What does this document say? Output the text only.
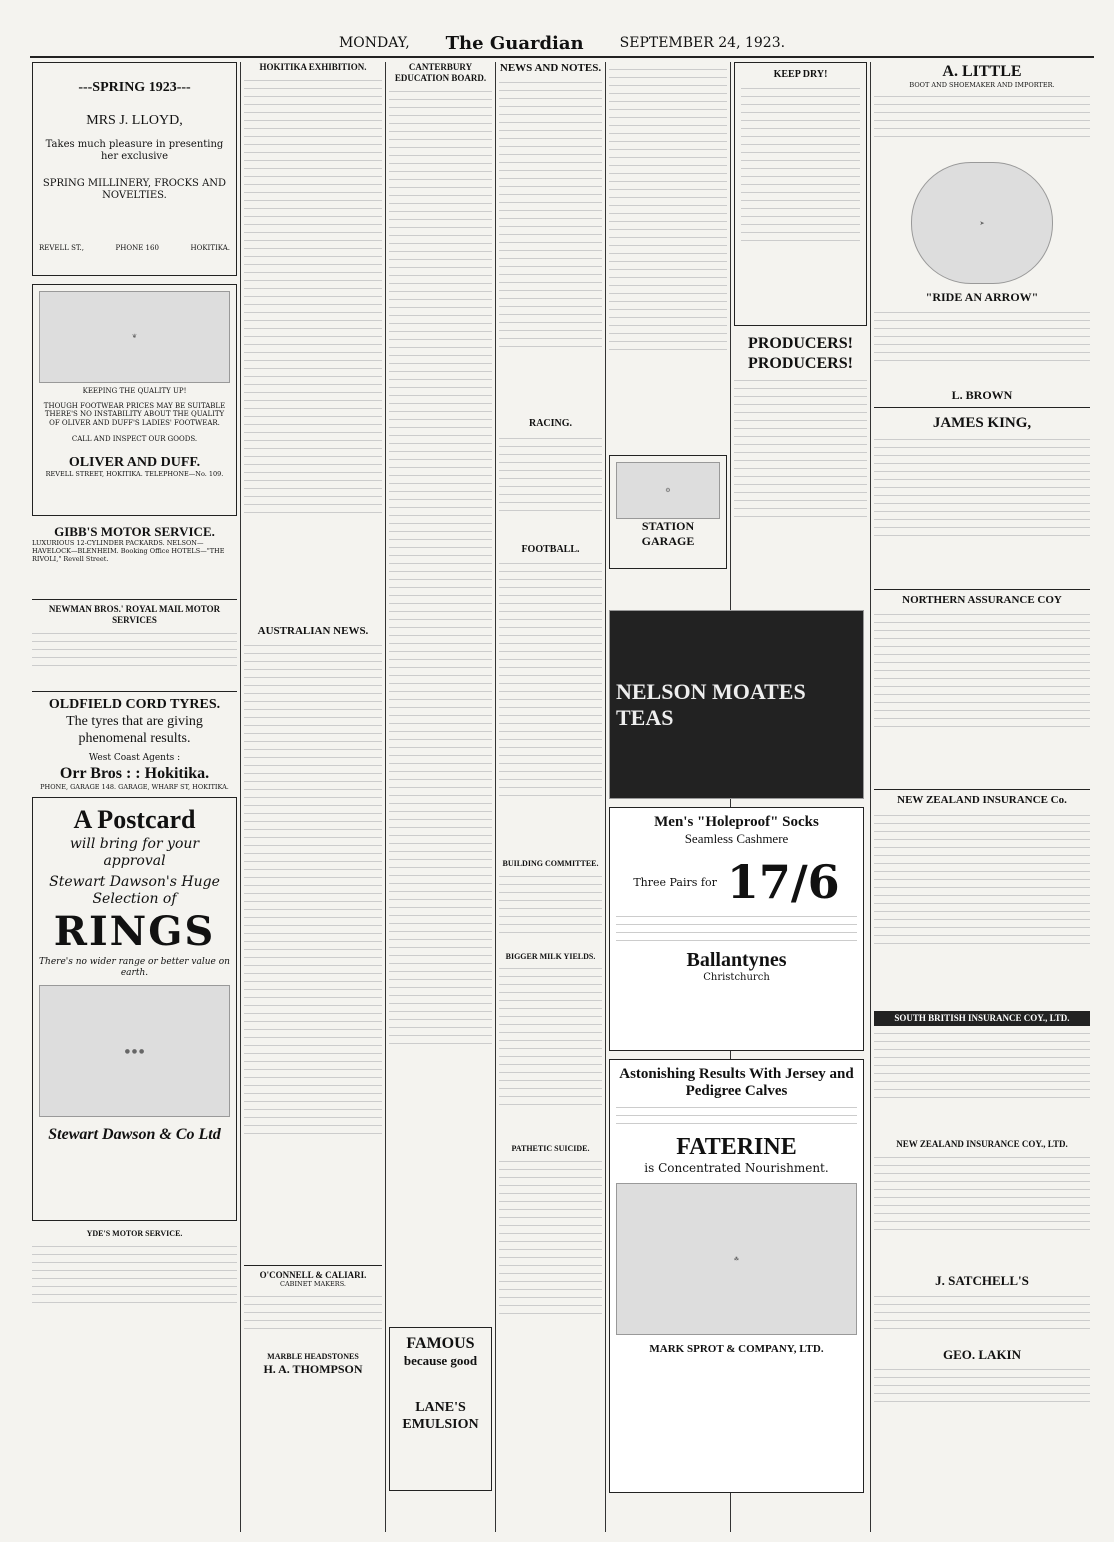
MONDAY, The Guardian	SEPTEMBER 24, 1923.
---SPRING 1923---
MRS J. LLOYD,
Takes much pleasure in presenting her exclusive
SPRING MILLINERY, FROCKS AND NOVELTIES.
REVELL ST.,	PHONE 160	HOKITIKA.
❦
KEEPING THE QUALITY UP!
THOUGH FOOTWEAR PRICES MAY BE SUITABLE THERE'S NO INSTABILITY ABOUT THE QUALITY OF OLIVER AND DUFF'S LADIES' FOOTWEAR.
CALL AND INSPECT OUR GOODS.
OLIVER AND DUFF.
REVELL STREET, HOKITIKA. TELEPHONE—No. 109.
GIBB'S MOTOR SERVICE.
LUXURIOUS 12-CYLINDER PACKARDS. NELSON—HAVELOCK—BLENHEIM. Booking Office HOTELS—"THE RIVOLI," Revell Street.
NEWMAN BROS.' ROYAL MAIL MOTOR SERVICES
OLDFIELD CORD TYRES.
The tyres that are giving phenomenal results.
West Coast Agents :
Orr Bros : : Hokitika.
PHONE, GARAGE 148. GARAGE, WHARF ST, HOKITIKA.
A Postcard
will bring for your approval
Stewart Dawson's Huge Selection of
RINGS
There's no wider range or better value on earth.
● ● ●
Stewart Dawson & Co Ltd
YDE'S MOTOR SERVICE.
HOKITIKA EXHIBITION.
AUSTRALIAN NEWS.
O'CONNELL & CALIARI.
CABINET MAKERS.
MARBLE HEADSTONES
H. A. THOMPSON
CANTERBURY EDUCATION BOARD.
FAMOUS
because good
LANE'S EMULSION
NEWS AND NOTES.
RACING.
FOOTBALL.
BUILDING COMMITTEE.
BIGGER MILK YIELDS.
PATHETIC SUICIDE.
⚙
STATION GARAGE
NELSON MOATES TEAS
Men's "Holeproof" Socks
Seamless Cashmere
Three Pairs for 17/6
Ballantynes
Christchurch
Astonishing Results With Jersey and Pedigree Calves
FATERINE
is Concentrated Nourishment.
☘
MARK SPROT & COMPANY, LTD.
KEEP DRY!
PRODUCERS! PRODUCERS!
A. LITTLE
BOOT AND SHOEMAKER AND IMPORTER.
➤
"RIDE AN ARROW"
L. BROWN
JAMES KING,
NORTHERN ASSURANCE COY
NEW ZEALAND INSURANCE Co.
SOUTH BRITISH INSURANCE COY., LTD.
NEW ZEALAND INSURANCE COY., LTD.
J. SATCHELL'S
GEO. LAKIN
